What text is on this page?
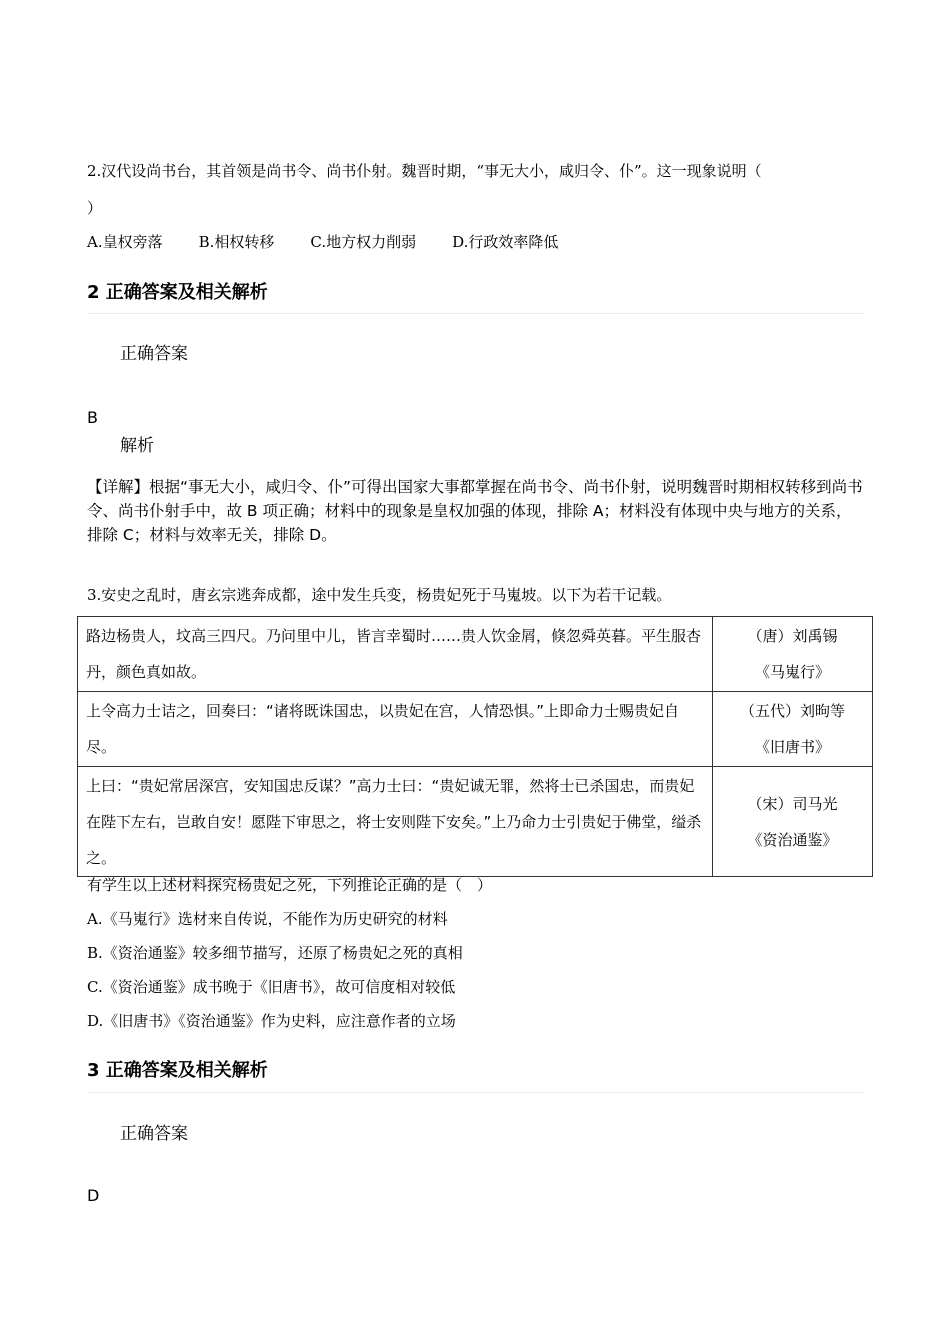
2.汉代设尚书台，其首领是尚书令、尚书仆射。魏晋时期，“事无大小，咸归令、仆”。这一现象说明（
）
A.皇权旁落 B.相权转移 C.地方权力削弱 D.行政效率降低
2 正确答案及相关解析
正确答案
B
解析
【详解】根据“事无大小，咸归令、仆”可得出国家大事都掌握在尚书令、尚书仆射，说明魏晋时期相权转移到尚书令、尚书仆射手中，故 B 项正确；材料中的现象是皇权加强的体现，排除 A；材料没有体现中央与地方的关系，排除 C；材料与效率无关，排除 D。
3.安史之乱时，唐玄宗逃奔成都，途中发生兵变，杨贵妃死于马嵬坡。以下为若干记载。
路边杨贵人，坟高三四尺。乃问里中儿，皆言幸蜀时……贵人饮金屑，倏忽舜英暮。平生服杏丹，颜色真如故。	（唐）刘禹锡
《马嵬行》

上令高力士诘之，回奏曰：“诸将既诛国忠，以贵妃在宫，人情恐惧。”上即命力士赐贵妃自尽。	（五代）刘昫等
《旧唐书》

上曰：“贵妃常居深宫，安知国忠反谋？”高力士曰：“贵妃诚无罪，然将士已杀国忠，而贵妃在陛下左右，岂敢自安！愿陛下审思之，将士安则陛下安矣。”上乃命力士引贵妃于佛堂，缢杀之。	（宋）司马光
《资治通鉴》
有学生以上述材料探究杨贵妃之死，下列推论正确的是（　）
A.《马嵬行》选材来自传说，不能作为历史研究的材料
B.《资治通鉴》较多细节描写，还原了杨贵妃之死的真相
C.《资治通鉴》成书晚于《旧唐书》，故可信度相对较低
D.《旧唐书》《资治通鉴》作为史料，应注意作者的立场
3 正确答案及相关解析
正确答案
D
